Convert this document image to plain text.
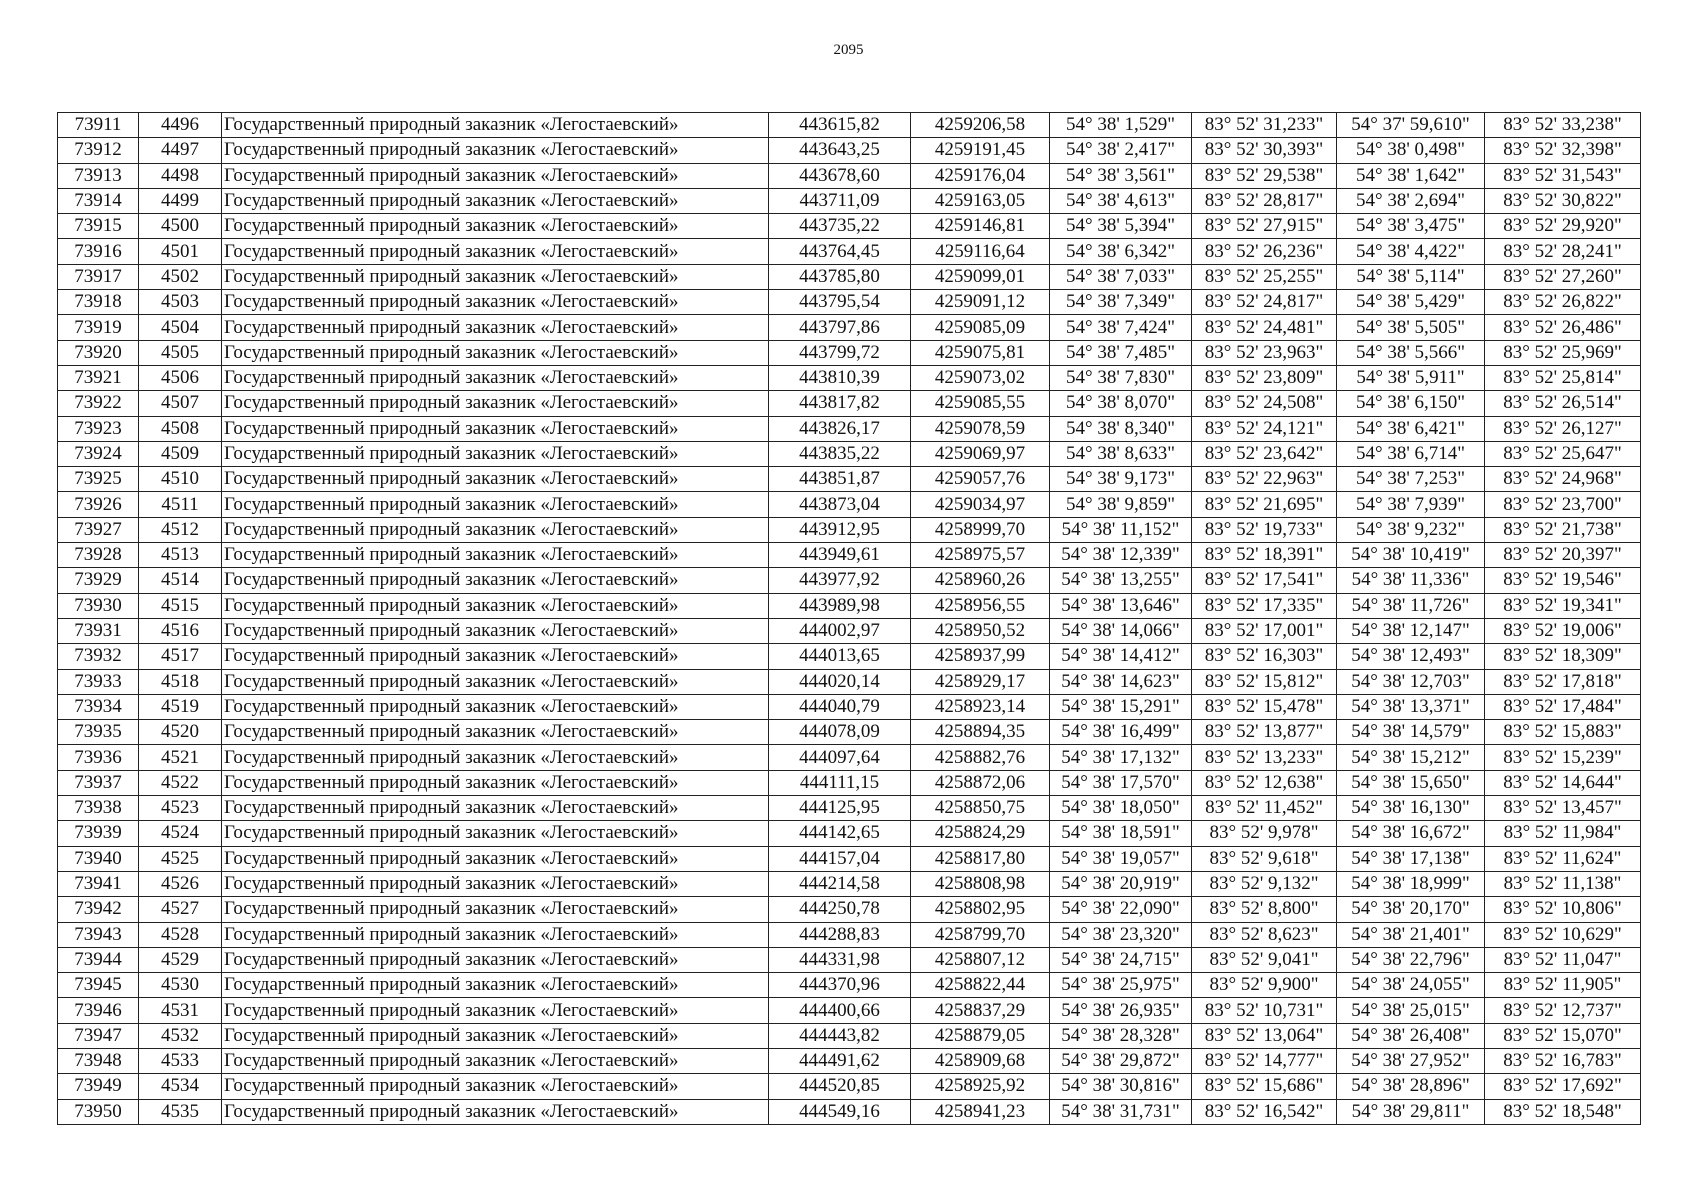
2095
73911	4496	Государственный природный заказник «Легостаевский»	443615,82	4259206,58	54° 38' 1,529"	83° 52' 31,233"	54° 37' 59,610"	83° 52' 33,238"
73912	4497	Государственный природный заказник «Легостаевский»	443643,25	4259191,45	54° 38' 2,417"	83° 52' 30,393"	54° 38' 0,498"	83° 52' 32,398"
73913	4498	Государственный природный заказник «Легостаевский»	443678,60	4259176,04	54° 38' 3,561"	83° 52' 29,538"	54° 38' 1,642"	83° 52' 31,543"
73914	4499	Государственный природный заказник «Легостаевский»	443711,09	4259163,05	54° 38' 4,613"	83° 52' 28,817"	54° 38' 2,694"	83° 52' 30,822"
73915	4500	Государственный природный заказник «Легостаевский»	443735,22	4259146,81	54° 38' 5,394"	83° 52' 27,915"	54° 38' 3,475"	83° 52' 29,920"
73916	4501	Государственный природный заказник «Легостаевский»	443764,45	4259116,64	54° 38' 6,342"	83° 52' 26,236"	54° 38' 4,422"	83° 52' 28,241"
73917	4502	Государственный природный заказник «Легостаевский»	443785,80	4259099,01	54° 38' 7,033"	83° 52' 25,255"	54° 38' 5,114"	83° 52' 27,260"
73918	4503	Государственный природный заказник «Легостаевский»	443795,54	4259091,12	54° 38' 7,349"	83° 52' 24,817"	54° 38' 5,429"	83° 52' 26,822"
73919	4504	Государственный природный заказник «Легостаевский»	443797,86	4259085,09	54° 38' 7,424"	83° 52' 24,481"	54° 38' 5,505"	83° 52' 26,486"
73920	4505	Государственный природный заказник «Легостаевский»	443799,72	4259075,81	54° 38' 7,485"	83° 52' 23,963"	54° 38' 5,566"	83° 52' 25,969"
73921	4506	Государственный природный заказник «Легостаевский»	443810,39	4259073,02	54° 38' 7,830"	83° 52' 23,809"	54° 38' 5,911"	83° 52' 25,814"
73922	4507	Государственный природный заказник «Легостаевский»	443817,82	4259085,55	54° 38' 8,070"	83° 52' 24,508"	54° 38' 6,150"	83° 52' 26,514"
73923	4508	Государственный природный заказник «Легостаевский»	443826,17	4259078,59	54° 38' 8,340"	83° 52' 24,121"	54° 38' 6,421"	83° 52' 26,127"
73924	4509	Государственный природный заказник «Легостаевский»	443835,22	4259069,97	54° 38' 8,633"	83° 52' 23,642"	54° 38' 6,714"	83° 52' 25,647"
73925	4510	Государственный природный заказник «Легостаевский»	443851,87	4259057,76	54° 38' 9,173"	83° 52' 22,963"	54° 38' 7,253"	83° 52' 24,968"
73926	4511	Государственный природный заказник «Легостаевский»	443873,04	4259034,97	54° 38' 9,859"	83° 52' 21,695"	54° 38' 7,939"	83° 52' 23,700"
73927	4512	Государственный природный заказник «Легостаевский»	443912,95	4258999,70	54° 38' 11,152"	83° 52' 19,733"	54° 38' 9,232"	83° 52' 21,738"
73928	4513	Государственный природный заказник «Легостаевский»	443949,61	4258975,57	54° 38' 12,339"	83° 52' 18,391"	54° 38' 10,419"	83° 52' 20,397"
73929	4514	Государственный природный заказник «Легостаевский»	443977,92	4258960,26	54° 38' 13,255"	83° 52' 17,541"	54° 38' 11,336"	83° 52' 19,546"
73930	4515	Государственный природный заказник «Легостаевский»	443989,98	4258956,55	54° 38' 13,646"	83° 52' 17,335"	54° 38' 11,726"	83° 52' 19,341"
73931	4516	Государственный природный заказник «Легостаевский»	444002,97	4258950,52	54° 38' 14,066"	83° 52' 17,001"	54° 38' 12,147"	83° 52' 19,006"
73932	4517	Государственный природный заказник «Легостаевский»	444013,65	4258937,99	54° 38' 14,412"	83° 52' 16,303"	54° 38' 12,493"	83° 52' 18,309"
73933	4518	Государственный природный заказник «Легостаевский»	444020,14	4258929,17	54° 38' 14,623"	83° 52' 15,812"	54° 38' 12,703"	83° 52' 17,818"
73934	4519	Государственный природный заказник «Легостаевский»	444040,79	4258923,14	54° 38' 15,291"	83° 52' 15,478"	54° 38' 13,371"	83° 52' 17,484"
73935	4520	Государственный природный заказник «Легостаевский»	444078,09	4258894,35	54° 38' 16,499"	83° 52' 13,877"	54° 38' 14,579"	83° 52' 15,883"
73936	4521	Государственный природный заказник «Легостаевский»	444097,64	4258882,76	54° 38' 17,132"	83° 52' 13,233"	54° 38' 15,212"	83° 52' 15,239"
73937	4522	Государственный природный заказник «Легостаевский»	444111,15	4258872,06	54° 38' 17,570"	83° 52' 12,638"	54° 38' 15,650"	83° 52' 14,644"
73938	4523	Государственный природный заказник «Легостаевский»	444125,95	4258850,75	54° 38' 18,050"	83° 52' 11,452"	54° 38' 16,130"	83° 52' 13,457"
73939	4524	Государственный природный заказник «Легостаевский»	444142,65	4258824,29	54° 38' 18,591"	83° 52' 9,978"	54° 38' 16,672"	83° 52' 11,984"
73940	4525	Государственный природный заказник «Легостаевский»	444157,04	4258817,80	54° 38' 19,057"	83° 52' 9,618"	54° 38' 17,138"	83° 52' 11,624"
73941	4526	Государственный природный заказник «Легостаевский»	444214,58	4258808,98	54° 38' 20,919"	83° 52' 9,132"	54° 38' 18,999"	83° 52' 11,138"
73942	4527	Государственный природный заказник «Легостаевский»	444250,78	4258802,95	54° 38' 22,090"	83° 52' 8,800"	54° 38' 20,170"	83° 52' 10,806"
73943	4528	Государственный природный заказник «Легостаевский»	444288,83	4258799,70	54° 38' 23,320"	83° 52' 8,623"	54° 38' 21,401"	83° 52' 10,629"
73944	4529	Государственный природный заказник «Легостаевский»	444331,98	4258807,12	54° 38' 24,715"	83° 52' 9,041"	54° 38' 22,796"	83° 52' 11,047"
73945	4530	Государственный природный заказник «Легостаевский»	444370,96	4258822,44	54° 38' 25,975"	83° 52' 9,900"	54° 38' 24,055"	83° 52' 11,905"
73946	4531	Государственный природный заказник «Легостаевский»	444400,66	4258837,29	54° 38' 26,935"	83° 52' 10,731"	54° 38' 25,015"	83° 52' 12,737"
73947	4532	Государственный природный заказник «Легостаевский»	444443,82	4258879,05	54° 38' 28,328"	83° 52' 13,064"	54° 38' 26,408"	83° 52' 15,070"
73948	4533	Государственный природный заказник «Легостаевский»	444491,62	4258909,68	54° 38' 29,872"	83° 52' 14,777"	54° 38' 27,952"	83° 52' 16,783"
73949	4534	Государственный природный заказник «Легостаевский»	444520,85	4258925,92	54° 38' 30,816"	83° 52' 15,686"	54° 38' 28,896"	83° 52' 17,692"
73950	4535	Государственный природный заказник «Легостаевский»	444549,16	4258941,23	54° 38' 31,731"	83° 52' 16,542"	54° 38' 29,811"	83° 52' 18,548"
